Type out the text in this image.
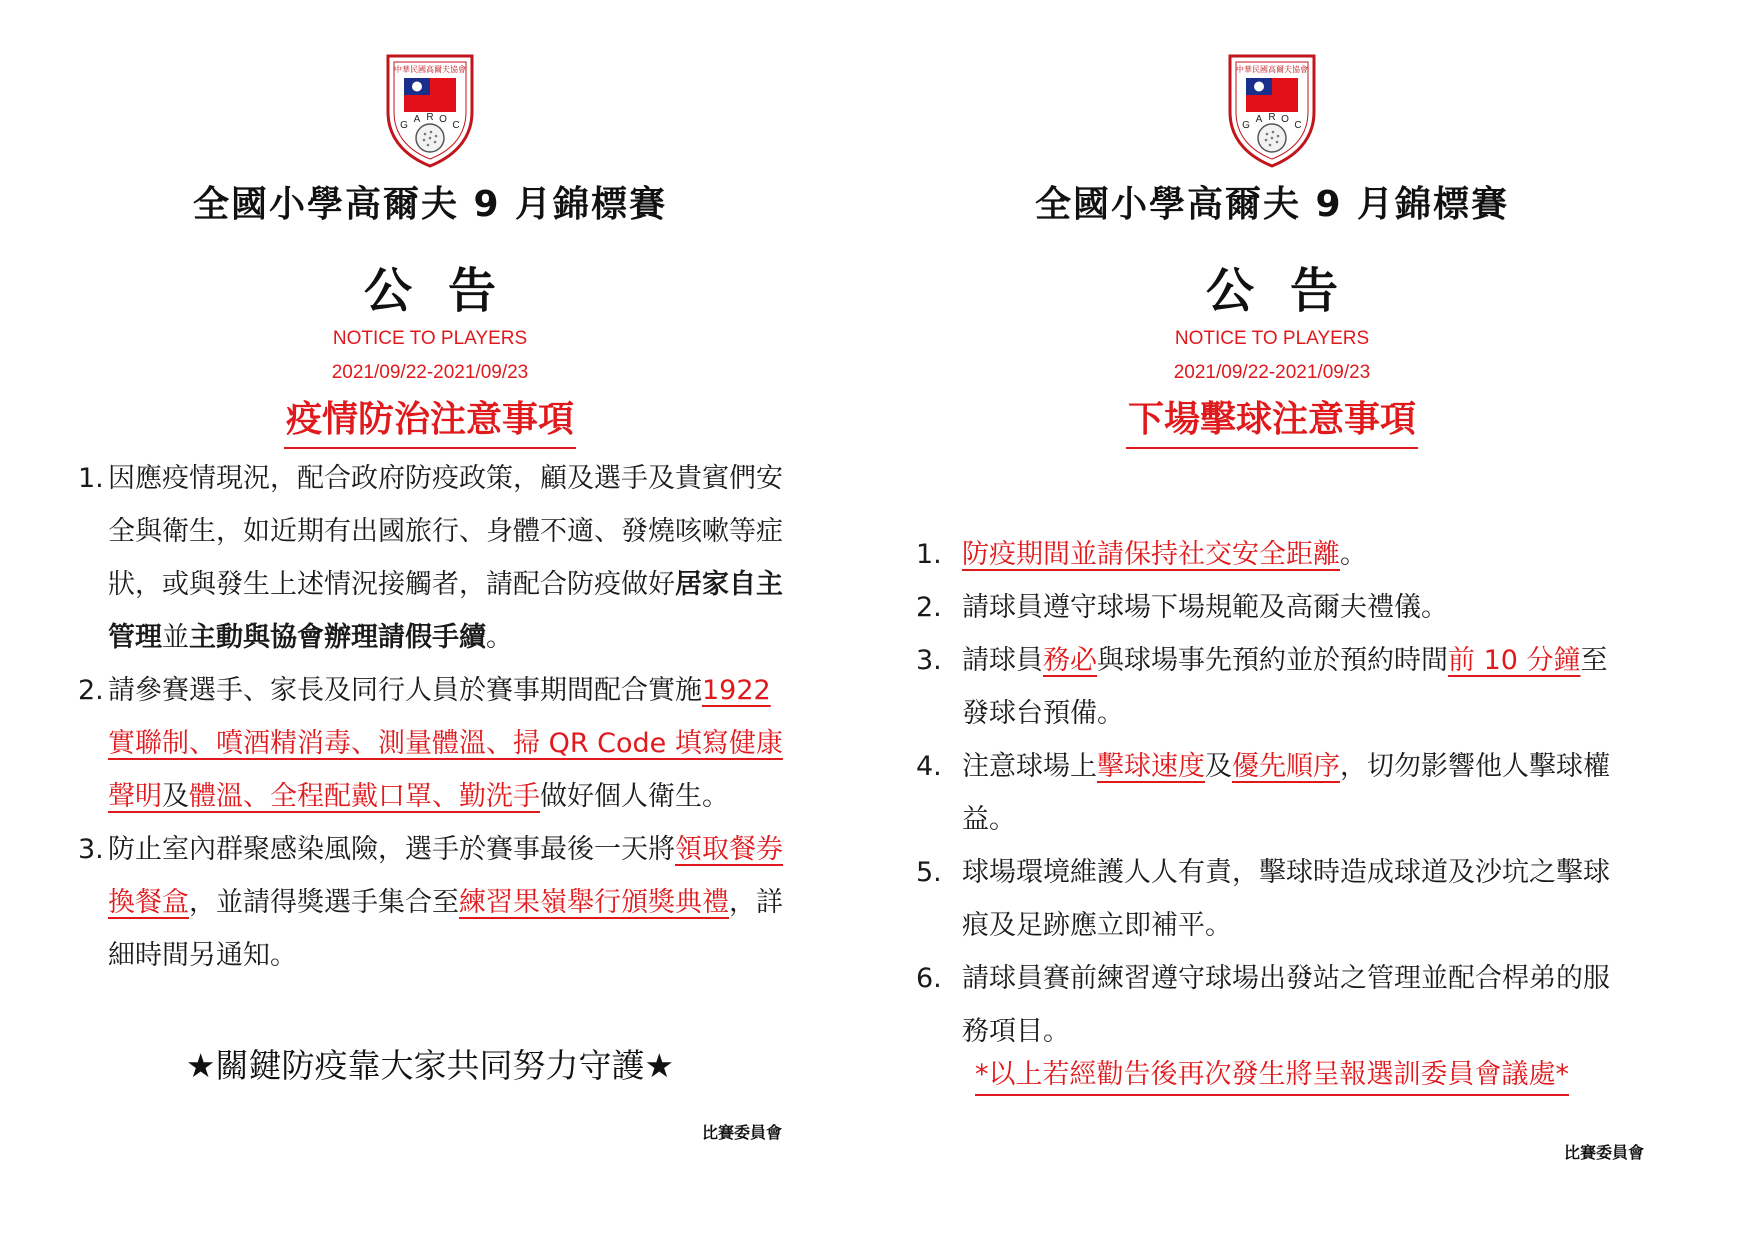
中華民國高爾夫協會
G
A R O
C
全國小學高爾夫 9 月錦標賽
公告
NOTICE TO PLAYERS
2021/09/22-2021/09/23
疫情防治注意事項
1. 因應疫情現況，配合政府防疫政策，顧及選手及貴賓們安全與衛生，如近期有出國旅行、身體不適、發燒咳嗽等症狀，或與發生上述情況接觸者，請配合防疫做好居家自主管理並主動與協會辦理請假手續。
2. 請參賽選手、家長及同行人員於賽事期間配合實施1922 實聯制、噴酒精消毒、測量體溫、掃 QR Code 填寫健康聲明及體溫、全程配戴口罩、勤洗手做好個人衛生。
3. 防止室內群聚感染風險，選手於賽事最後一天將領取餐券換餐盒，並請得獎選手集合至練習果嶺舉行頒獎典禮，詳細時間另通知。
★關鍵防疫靠大家共同努力守護★
比賽委員會
中華民國高爾夫協會
G
A R O
C
全國小學高爾夫 9 月錦標賽
公告
NOTICE TO PLAYERS
2021/09/22-2021/09/23
下場擊球注意事項
1. 防疫期間並請保持社交安全距離。
2. 請球員遵守球場下場規範及高爾夫禮儀。
3. 請球員務必與球場事先預約並於預約時間前 10 分鐘至發球台預備。
4. 注意球場上擊球速度及優先順序，切勿影響他人擊球權益。
5. 球場環境維護人人有責，擊球時造成球道及沙坑之擊球痕及足跡應立即補平。
6. 請球員賽前練習遵守球場出發站之管理並配合桿弟的服務項目。
*以上若經勸告後再次發生將呈報選訓委員會議處*
比賽委員會
